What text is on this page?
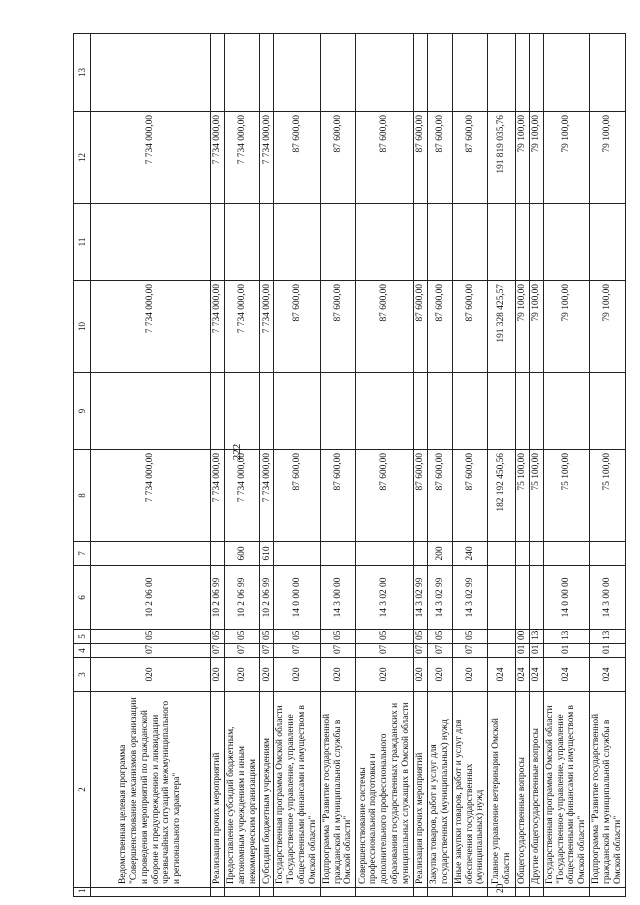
222
1	2	3	4	5	6	7	8	9	10	11	12	13
	Ведомственная целевая программа "Совершенствование механизмов организации и проведения мероприятий по гражданской обороне и предупреждению и ликвидации чрезвычайных ситуаций межмуниципального и регионального характера"	020	07	05	10 2 06 00		7 734 000,00		7 734 000,00		7 734 000,00	
	Реализация прочих мероприятий	020	07	05	10 2 06 99		7 734 000,00		7 734 000,00		7 734 000,00	
	Предоставление субсидий бюджетным, автономным учреждениям и иным некоммерческим организациям	020	07	05	10 2 06 99	600	7 734 000,00		7 734 000,00		7 734 000,00	
	Субсидии бюджетным учреждениям	020	07	05	10 2 06 99	610	7 734 000,00		7 734 000,00		7 734 000,00	
	Государственная программа Омской области "Государственное управление, управление общественными финансами и имуществом в Омской области"	020	07	05	14 0 00 00		87 600,00		87 600,00		87 600,00	
	Подпрограмма "Развитие государственной гражданской и муниципальной службы в Омской области"	020	07	05	14 3 00 00		87 600,00		87 600,00		87 600,00	
	Совершенствование системы профессиональной подготовки и дополнительного профессионального образования государственных гражданских и муниципальных служащих в Омской области	020	07	05	14 3 02 00		87 600,00		87 600,00		87 600,00	
	Реализация прочих мероприятий	020	07	05	14 3 02 99		87 600,00		87 600,00		87 600,00	
	Закупка товаров, работ и услуг для государственных (муниципальных) нужд	020	07	05	14 3 02 99	200	87 600,00		87 600,00		87 600,00	
	Иные закупки товаров, работ и услуг для обеспечения государственных (муниципальных) нужд	020	07	05	14 3 02 99	240	87 600,00		87 600,00		87 600,00	
20	Главное управление ветеринарии Омской области	024					182 192 450,56		191 328 425,57		191 819 035,76	
	Общегосударственные вопросы	024	01	00			75 100,00		79 100,00		79 100,00	
	Другие общегосударственные вопросы	024	01	13			75 100,00		79 100,00		79 100,00	
	Государственная программа Омской области "Государственное управление, управление общественными финансами и имуществом в Омской области"	024	01	13	14 0 00 00		75 100,00		79 100,00		79 100,00	
	Подпрограмма "Развитие государственной гражданской и муниципальной службы в Омской области"	024	01	13	14 3 00 00		75 100,00		79 100,00		79 100,00	
